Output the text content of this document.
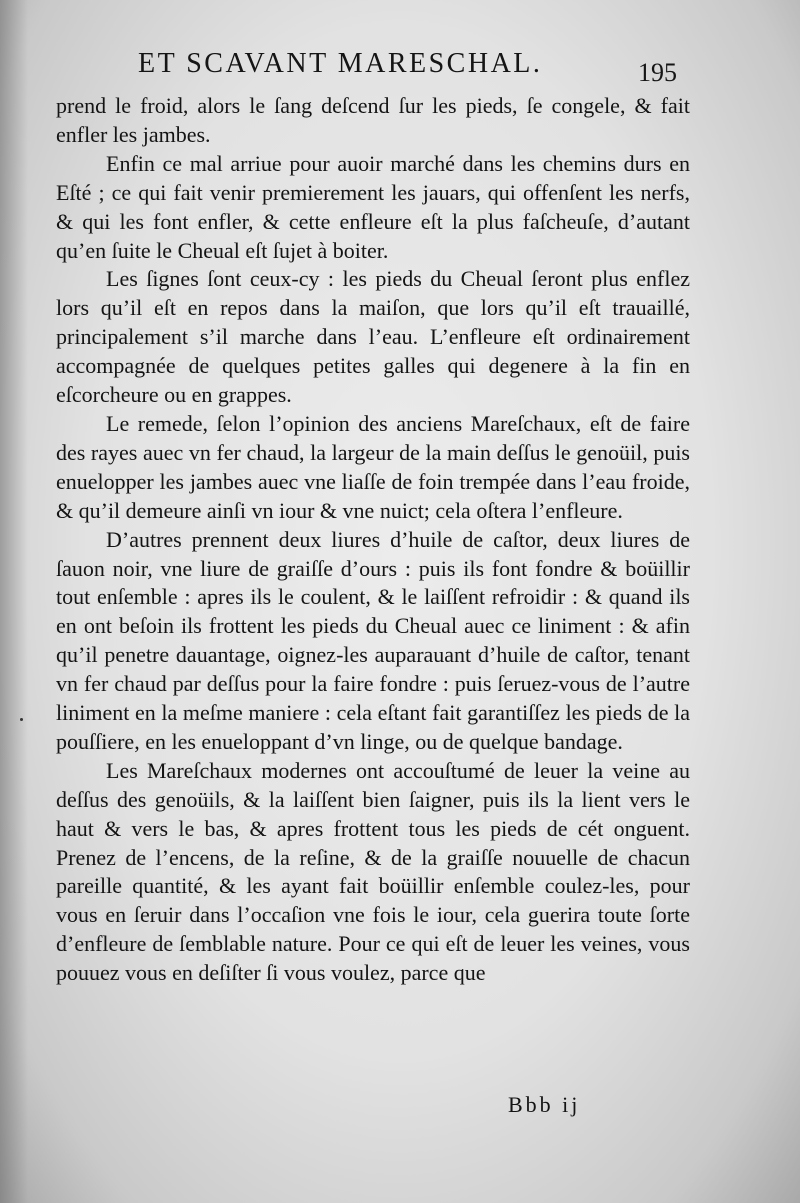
ET SCAVANT MARESCHAL.	195

prend le froid, alors le ſang deſcend ſur les pieds, ſe congele, & fait enfler les jambes.

Enfin ce mal arriue pour auoir marché dans les chemins durs en Eſté ; ce qui fait venir premierement les jauars, qui offenſent les nerfs, & qui les font enfler, & cette enfleure eſt la plus faſcheuſe, d’autant qu’en ſuite le Cheual eſt ſujet à boiter.

Les ſignes ſont ceux-cy : les pieds du Cheual ſeront plus enflez lors qu’il eſt en repos dans la maiſon, que lors qu’il eſt trauaillé, principalement s’il marche dans l’eau. L’enfleure eſt ordinairement accompagnée de quelques petites galles qui degenere à la fin en eſcorcheure ou en grappes.

Le remede, ſelon l’opinion des anciens Mareſchaux, eſt de faire des rayes auec vn fer chaud, la largeur de la main deſſus le genoüil, puis enuelopper les jambes auec vne liaſſe de foin trempée dans l’eau froide, & qu’il demeure ainſi vn iour & vne nuict; cela oſtera l’enfleure.

D’autres prennent deux liures d’huile de caſtor, deux liures de ſauon noir, vne liure de graiſſe d’ours : puis ils font fondre & boüillir tout enſemble : apres ils le coulent, & le laiſſent refroidir : & quand ils en ont beſoin ils frottent les pieds du Cheual auec ce liniment : & afin qu’il penetre dauantage, oignez-les auparauant d’huile de caſtor, tenant vn fer chaud par deſſus pour la faire fondre : puis ſeruez-vous de l’autre liniment en la meſme maniere : cela eſtant fait garantiſſez les pieds de la pouſſiere, en les enueloppant d’vn linge, ou de quelque bandage.

Les Mareſchaux modernes ont accouſtumé de leuer la veine au deſſus des genoüils, & la laiſſent bien ſaigner, puis ils la lient vers le haut & vers le bas, & apres frottent tous les pieds de cét onguent. Prenez de l’encens, de la reſine, & de la graiſſe nouuelle de chacun pareille quantité, & les ayant fait boüillir enſemble coulez-les, pour vous en ſeruir dans l’occaſion vne fois le iour, cela guerira toute ſorte d’enfleure de ſemblable nature. Pour ce qui eſt de leuer les veines, vous pouuez vous en deſiſter ſi vous voulez, parce que

Bbb ij
